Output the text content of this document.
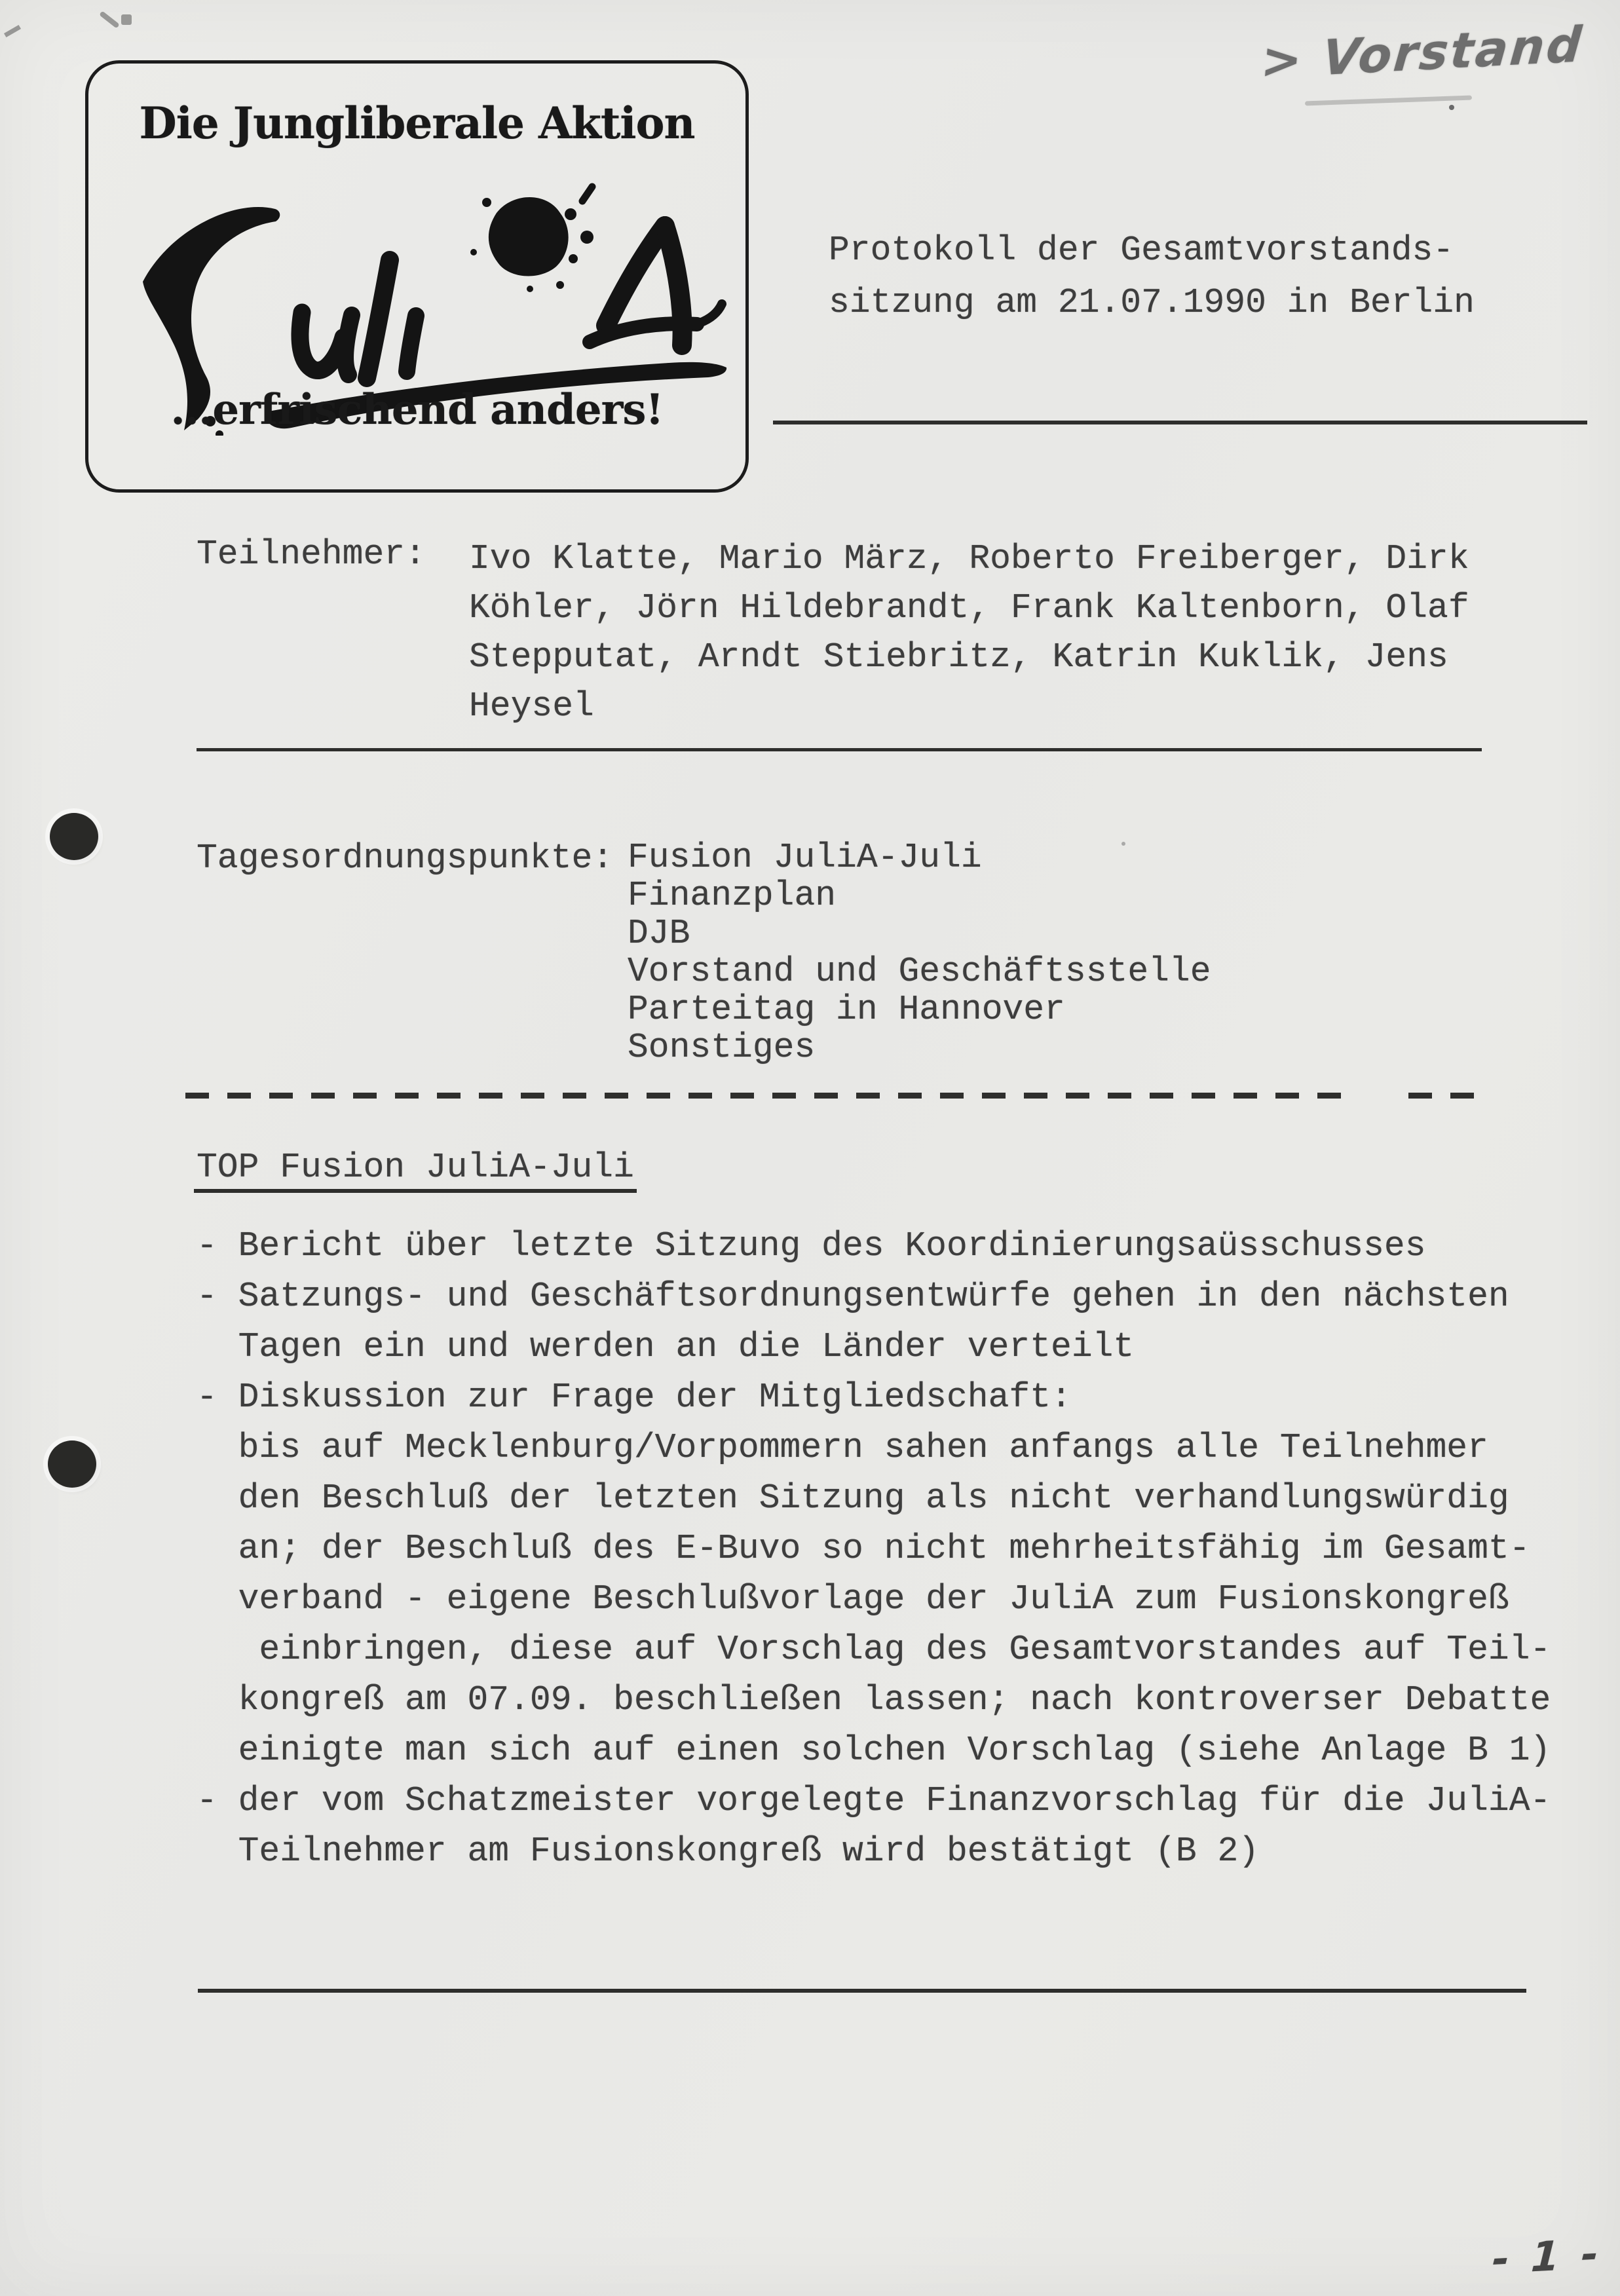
> Vorstand
Die Jungliberale Aktion
...erfrischend anders!
Protokoll der Gesamtvorstands-
sitzung am 21.07.1990 in Berlin
Teilnehmer: Ivo Klatte, Mario März, Roberto Freiberger, Dirk
Köhler, Jörn Hildebrandt, Frank Kaltenborn, Olaf
Stepputat, Arndt Stiebritz, Katrin Kuklik, Jens
Heysel
Tagesordnungspunkte: Fusion JuliA-Juli
Finanzplan
DJB
Vorstand und Geschäftsstelle
Parteitag in Hannover
Sonstiges
TOP Fusion JuliA-Juli
- Bericht über letzte Sitzung des Koordinierungsaüsschusses
- Satzungs- und Geschäftsordnungsentwürfe gehen in den nächsten
Tagen ein und werden an die Länder verteilt
- Diskussion zur Frage der Mitgliedschaft:
bis auf Mecklenburg/Vorpommern sahen anfangs alle Teilnehmer
den Beschluß der letzten Sitzung als nicht verhandlungswürdig
an; der Beschluß des E-Buvo so nicht mehrheitsfähig im Gesamt-
verband - eigene Beschlußvorlage der JuliA zum Fusionskongreß
einbringen, diese auf Vorschlag des Gesamtvorstandes auf Teil-
kongreß am 07.09. beschließen lassen; nach kontroverser Debatte
einigte man sich auf einen solchen Vorschlag (siehe Anlage B 1)
- der vom Schatzmeister vorgelegte Finanzvorschlag für die JuliA-
Teilnehmer am Fusionskongreß wird bestätigt (B 2)
- 1 -
